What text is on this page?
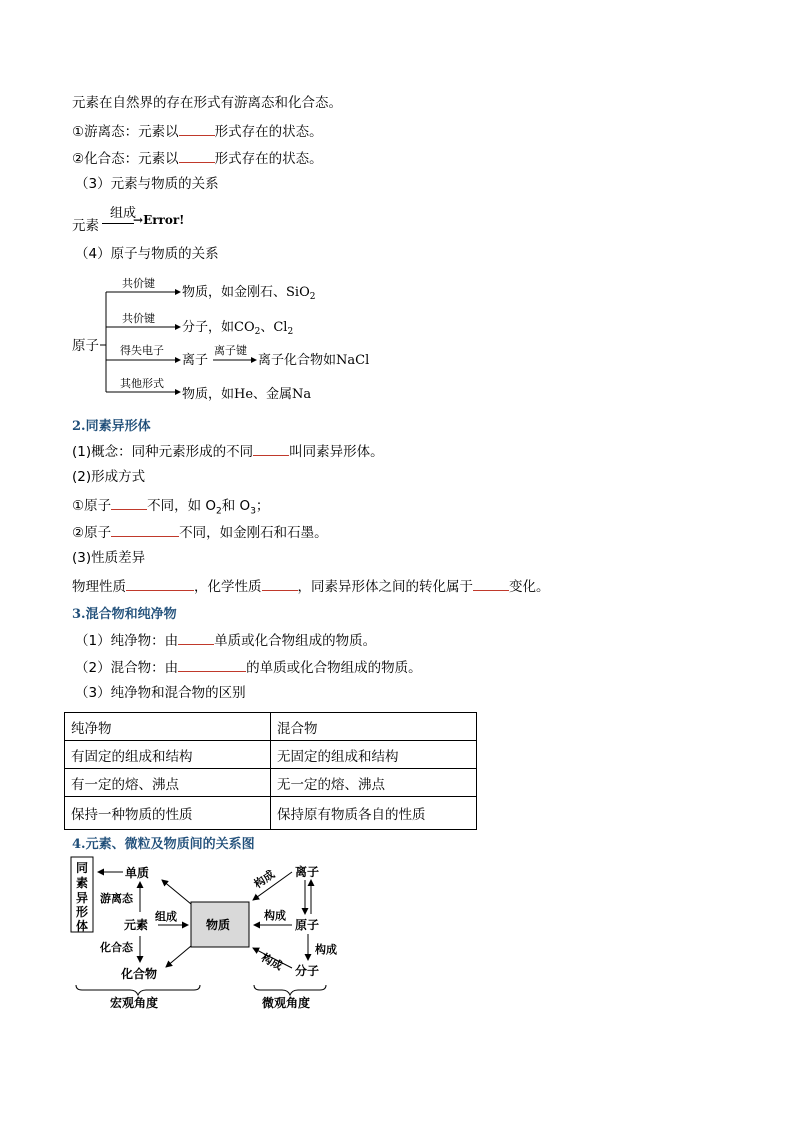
元素在自然界的存在形式有游离态和化合态。
①游离态：元素以	形式存在的状态。
②化合态：元素以	形式存在的状态。
（3）元素与物质的关系
元素
组成
→Error!
（4）原子与物质的关系
原子
共价键
物质，如金刚石、SiO$_2$
共价键
分子，如$CO_2$、$Cl_2$
得失电子
离子
离子键
离子化合物如NaCl
其他形式
物质，如He、金属Na
2.同素异形体
(1)概念：同种元素形成的不同	叫同素异形体。
(2)形成方式
①原子	不同，如 $O_2$和 $O_3$；
②原子	不同，如金刚石和石墨。
(3)性质差异
物理性质	，化学性质	，同素异形体之间的转化属于	变化。
3.混合物和纯净物
（1）纯净物：由	单质或化合物组成的物质。
（2）混合物：由	的单质或化合物组成的物质。
（3）纯净物和混合物的区别
纯净物	混合物
有固定的组成和结构	无固定的组成和结构
有一定的熔、沸点	无一定的熔、沸点
保持一种物质的性质	保持原有物质各自的性质
4.元素、微粒及物质间的关系图
同
素
异
形
体
单质
游离态
元素
化合态
化合物
组成
物质
离子
构成
原子
构成
构成
分子
构成
宏观角度	微观角度
